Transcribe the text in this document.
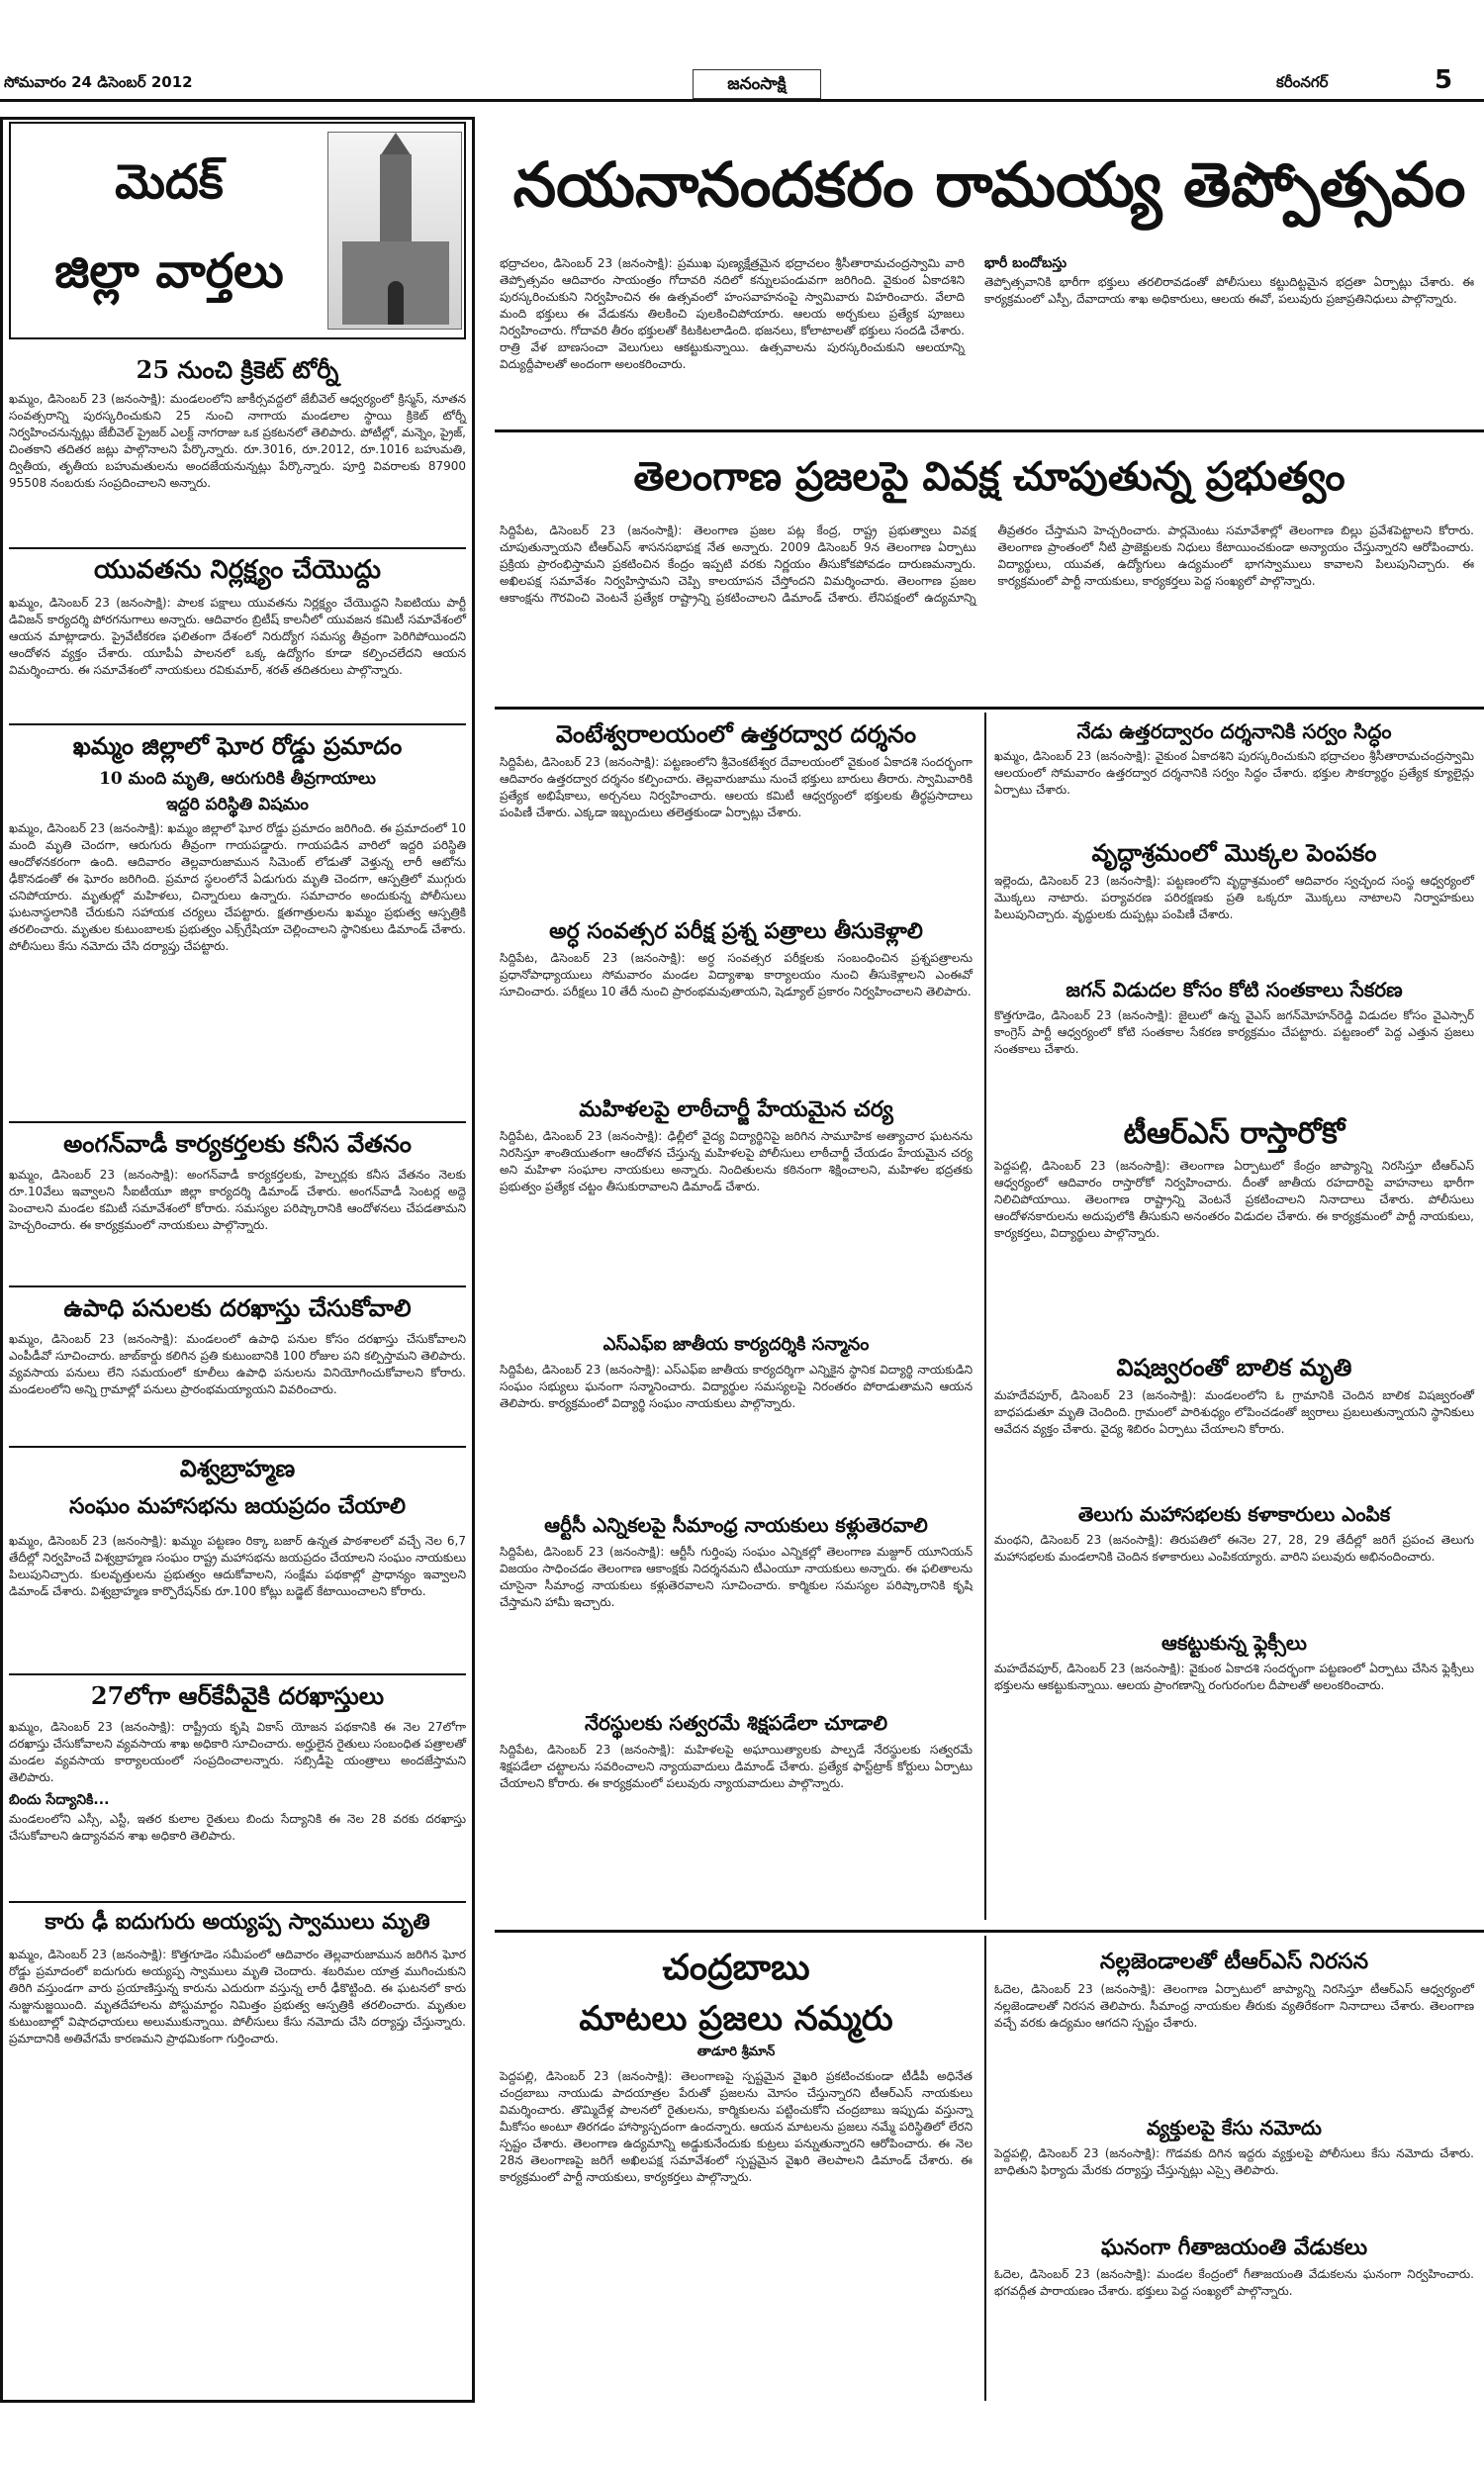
సోమవారం 24 డిసెంబర్ 2012	జనంసాక్షి	కరీంనగర్	5
మెదక్
జిల్లా వార్తలు
25 నుంచి క్రికెట్‌ టోర్నీ
ఖమ్మం, డిసెంబర్‌ 23 (జనంసాక్షి): మండలంలోని జాకీర్సవద్దలో జేబీవెల్‌ ఆధ్వర్యంలో క్రిస్మస్‌, నూతన సంవత్సరాన్ని పురస్కరించుకుని 25 నుంచి నాగాయ మండలాల స్థాయి క్రికెట్‌ టోర్నీ నిర్వహించనున్నట్లు జేబీవెల్‌ ప్రైజర్‌ ఎలక్ట్‌ నాగరాజు ఒక ప్రకటనలో తెలిపారు. పోటీల్లో, మన్నెం, ప్రైజ్‌, చింతకాని తదితర జట్లు పాల్గొనాలని పేర్కొన్నారు. రూ.3016, రూ.2012, రూ.1016 బహుమతి, ద్వితీయ, తృతీయ బహుమతులను అందజేయనున్నట్లు పేర్కొన్నారు. పూర్తి వివరాలకు 87900 95508 నంబరుకు సంప్రదించాలని అన్నారు.
యువతను నిర్లక్ష్యం చేయొద్దు
ఖమ్మం, డిసెంబర్‌ 23 (జనంసాక్షి): పాలక పక్షాలు యువతను నిర్లక్ష్యం చేయొద్దని సిఐటియు పార్టీ డివిజన్‌ కార్యదర్శి పోరగనుగాలు అన్నారు. ఆదివారం బ్రిటీష్‌ కాలనీలో యువజన కమిటీ సమావేశంలో ఆయన మాట్లాడారు. ప్రైవేటీకరణ ఫలితంగా దేశంలో నిరుద్యోగ సమస్య తీవ్రంగా పెరిగిపోయిందని ఆందోళన వ్యక్తం చేశారు. యూపీఏ పాలనలో ఒక్క ఉద్యోగం కూడా కల్పించలేదని ఆయన విమర్శించారు. ఈ సమావేశంలో నాయకులు రవికుమార్‌, శరత్‌ తదితరులు పాల్గొన్నారు.
ఖమ్మం జిల్లాలో ఘోర రోడ్డు ప్రమాదం
10 మంది మృతి, ఆరుగురికి తీవ్రగాయాలు
ఇద్దరి పరిస్థితి విషమం
ఖమ్మం, డిసెంబర్‌ 23 (జనంసాక్షి): ఖమ్మం జిల్లాలో ఘోర రోడ్డు ప్రమాదం జరిగింది. ఈ ప్రమాదంలో 10 మంది మృతి చెందగా, ఆరుగురు తీవ్రంగా గాయపడ్డారు. గాయపడిన వారిలో ఇద్దరి పరిస్థితి ఆందోళనకరంగా ఉంది. ఆదివారం తెల్లవారుజామున సిమెంట్‌ లోడుతో వెళ్తున్న లారీ ఆటోను ఢీకొనడంతో ఈ ఘోరం జరిగింది. ప్రమాద స్థలంలోనే ఏడుగురు మృతి చెందగా, ఆస్పత్రిలో ముగ్గురు చనిపోయారు. మృతుల్లో మహిళలు, చిన్నారులు ఉన్నారు. సమాచారం అందుకున్న పోలీసులు ఘటనాస్థలానికి చేరుకుని సహాయక చర్యలు చేపట్టారు. క్షతగాత్రులను ఖమ్మం ప్రభుత్వ ఆస్పత్రికి తరలించారు. మృతుల కుటుంబాలకు ప్రభుత్వం ఎక్స్‌గ్రేషియా చెల్లించాలని స్థానికులు డిమాండ్‌ చేశారు. పోలీసులు కేసు నమోదు చేసి దర్యాప్తు చేపట్టారు.
అంగన్‌వాడీ కార్యకర్తలకు కనీస వేతనం
ఖమ్మం, డిసెంబర్‌ 23 (జనంసాక్షి): అంగన్‌వాడీ కార్యకర్తలకు, హెల్పర్లకు కనీస వేతనం నెలకు రూ.10వేలు ఇవ్వాలని సీఐటీయూ జిల్లా కార్యదర్శి డిమాండ్‌ చేశారు. అంగన్‌వాడీ సెంటర్ల అద్దె పెంచాలని మండల కమిటీ సమావేశంలో కోరారు. సమస్యల పరిష్కారానికి ఆందోళనలు చేపడతామని హెచ్చరించారు. ఈ కార్యక్రమంలో నాయకులు పాల్గొన్నారు.
ఉపాధి పనులకు దరఖాస్తు చేసుకోవాలి
ఖమ్మం, డిసెంబర్‌ 23 (జనంసాక్షి): మండలంలో ఉపాధి పనుల కోసం దరఖాస్తు చేసుకోవాలని ఎంపీడీవో సూచించారు. జాబ్‌కార్డు కలిగిన ప్రతి కుటుంబానికి 100 రోజుల పని కల్పిస్తామని తెలిపారు. వ్యవసాయ పనులు లేని సమయంలో కూలీలు ఉపాధి పనులను వినియోగించుకోవాలని కోరారు. మండలంలోని అన్ని గ్రామాల్లో పనులు ప్రారంభమయ్యాయని వివరించారు.
విశ్వబ్రాహ్మణ
సంఘం మహాసభను జయప్రదం చేయాలి
ఖమ్మం, డిసెంబర్‌ 23 (జనంసాక్షి): ఖమ్మం పట్టణం రిక్కా బజార్‌ ఉన్నత పాఠశాలలో వచ్చే నెల 6,7 తేదీల్లో నిర్వహించే విశ్వబ్రాహ్మణ సంఘం రాష్ట్ర మహాసభను జయప్రదం చేయాలని సంఘం నాయకులు పిలుపునిచ్చారు. కులవృత్తులను ప్రభుత్వం ఆదుకోవాలని, సంక్షేమ పథకాల్లో ప్రాధాన్యం ఇవ్వాలని డిమాండ్‌ చేశారు. విశ్వబ్రాహ్మణ కార్పొరేషన్‌కు రూ.100 కోట్లు బడ్జెట్‌ కేటాయించాలని కోరారు.
27లోగా ఆర్‌కేవీవైకి దరఖాస్తులు
ఖమ్మం, డిసెంబర్‌ 23 (జనంసాక్షి): రాష్ట్రీయ కృషి వికాస్‌ యోజన పథకానికి ఈ నెల 27లోగా దరఖాస్తు చేసుకోవాలని వ్యవసాయ శాఖ అధికారి సూచించారు. అర్హులైన రైతులు సంబంధిత పత్రాలతో మండల వ్యవసాయ కార్యాలయంలో సంప్రదించాలన్నారు. సబ్సిడీపై యంత్రాలు అందజేస్తామని తెలిపారు.
బిందు సేద్యానికి...
మండలంలోని ఎస్సీ, ఎస్టీ, ఇతర కులాల రైతులు బిందు సేద్యానికి ఈ నెల 28 వరకు దరఖాస్తు చేసుకోవాలని ఉద్యానవన శాఖ అధికారి తెలిపారు.
కారు ఢీ ఐదుగురు అయ్యప్ప స్వాములు మృతి
ఖమ్మం, డిసెంబర్‌ 23 (జనంసాక్షి): కొత్తగూడెం సమీపంలో ఆదివారం తెల్లవారుజామున జరిగిన ఘోర రోడ్డు ప్రమాదంలో ఐదుగురు అయ్యప్ప స్వాములు మృతి చెందారు. శబరిమల యాత్ర ముగించుకుని తిరిగి వస్తుండగా వారు ప్రయాణిస్తున్న కారును ఎదురుగా వస్తున్న లారీ ఢీకొట్టింది. ఈ ఘటనలో కారు నుజ్జునుజ్జయింది. మృతదేహాలను పోస్టుమార్టం నిమిత్తం ప్రభుత్వ ఆస్పత్రికి తరలించారు. మృతుల కుటుంబాల్లో విషాదఛాయలు అలుముకున్నాయి. పోలీసులు కేసు నమోదు చేసి దర్యాప్తు చేస్తున్నారు. ప్రమాదానికి అతివేగమే కారణమని ప్రాథమికంగా గుర్తించారు.
నయనానందకరం రామయ్య తెప్పోత్సవం
భద్రాచలం, డిసెంబర్‌ 23 (జనంసాక్షి): ప్రముఖ పుణ్యక్షేత్రమైన భద్రాచలం శ్రీసీతారామచంద్రస్వామి వారి తెప్పోత్సవం ఆదివారం సాయంత్రం గోదావరి నదిలో కన్నులపండువగా జరిగింది. వైకుంఠ ఏకాదశిని పురస్కరించుకుని నిర్వహించిన ఈ ఉత్సవంలో హంసవాహనంపై స్వామివారు విహరించారు. వేలాది మంది భక్తులు ఈ వేడుకను తిలకించి పులకించిపోయారు. ఆలయ అర్చకులు ప్రత్యేక పూజలు నిర్వహించారు. గోదావరి తీరం భక్తులతో కిటకిటలాడింది. భజనలు, కోలాటాలతో భక్తులు సందడి చేశారు. రాత్రి వేళ బాణసంచా వెలుగులు ఆకట్టుకున్నాయి. ఉత్సవాలను పురస్కరించుకుని ఆలయాన్ని విద్యుద్దీపాలతో అందంగా అలంకరించారు.
భారీ బందోబస్తు
తెప్పోత్సవానికి భారీగా భక్తులు తరలిరావడంతో పోలీసులు కట్టుదిట్టమైన భద్రతా ఏర్పాట్లు చేశారు. ఈ కార్యక్రమంలో ఎస్పీ, దేవాదాయ శాఖ అధికారులు, ఆలయ ఈవో, పలువురు ప్రజాప్రతినిధులు పాల్గొన్నారు.
తెలంగాణ ప్రజలపై వివక్ష చూపుతున్న ప్రభుత్వం
సిద్దిపేట, డిసెంబర్‌ 23 (జనంసాక్షి): తెలంగాణ ప్రజల పట్ల కేంద్ర, రాష్ట్ర ప్రభుత్వాలు వివక్ష చూపుతున్నాయని టీఆర్‌ఎస్‌ శాసనసభాపక్ష నేత అన్నారు. 2009 డిసెంబర్‌ 9న తెలంగాణ ఏర్పాటు ప్రక్రియ ప్రారంభిస్తామని ప్రకటించిన కేంద్రం ఇప్పటి వరకు నిర్ణయం తీసుకోకపోవడం దారుణమన్నారు. అఖిలపక్ష సమావేశం నిర్వహిస్తామని చెప్పి కాలయాపన చేస్తోందని విమర్శించారు. తెలంగాణ ప్రజల ఆకాంక్షను గౌరవించి వెంటనే ప్రత్యేక రాష్ట్రాన్ని ప్రకటించాలని డిమాండ్‌ చేశారు. లేనిపక్షంలో ఉద్యమాన్ని తీవ్రతరం చేస్తామని హెచ్చరించారు. పార్లమెంటు సమావేశాల్లో తెలంగాణ బిల్లు ప్రవేశపెట్టాలని కోరారు. తెలంగాణ ప్రాంతంలో నీటి ప్రాజెక్టులకు నిధులు కేటాయించకుండా అన్యాయం చేస్తున్నారని ఆరోపించారు. విద్యార్థులు, యువత, ఉద్యోగులు ఉద్యమంలో భాగస్వాములు కావాలని పిలుపునిచ్చారు. ఈ కార్యక్రమంలో పార్టీ నాయకులు, కార్యకర్తలు పెద్ద సంఖ్యలో పాల్గొన్నారు.
వెంటేశ్వరాలయంలో ఉత్తరద్వార దర్శనం
సిద్దిపేట, డిసెంబర్‌ 23 (జనంసాక్షి): పట్టణంలోని శ్రీవెంకటేశ్వర దేవాలయంలో వైకుంఠ ఏకాదశి సందర్భంగా ఆదివారం ఉత్తరద్వార దర్శనం కల్పించారు. తెల్లవారుజాము నుంచే భక్తులు బారులు తీరారు. స్వామివారికి ప్రత్యేక అభిషేకాలు, అర్చనలు నిర్వహించారు. ఆలయ కమిటీ ఆధ్వర్యంలో భక్తులకు తీర్థప్రసాదాలు పంపిణీ చేశారు. ఎక్కడా ఇబ్బందులు తలెత్తకుండా ఏర్పాట్లు చేశారు.
అర్ధ సంవత్సర పరీక్ష ప్రశ్న పత్రాలు తీసుకెళ్లాలి
సిద్దిపేట, డిసెంబర్‌ 23 (జనంసాక్షి): అర్ధ సంవత్సర పరీక్షలకు సంబంధించిన ప్రశ్నపత్రాలను ప్రధానోపాధ్యాయులు సోమవారం మండల విద్యాశాఖ కార్యాలయం నుంచి తీసుకెళ్లాలని ఎంఈవో సూచించారు. పరీక్షలు 10 తేదీ నుంచి ప్రారంభమవుతాయని, షెడ్యూల్‌ ప్రకారం నిర్వహించాలని తెలిపారు.
మహిళలపై లాఠీచార్జీ హేయమైన చర్య
సిద్దిపేట, డిసెంబర్‌ 23 (జనంసాక్షి): ఢిల్లీలో వైద్య విద్యార్థినిపై జరిగిన సామూహిక అత్యాచార ఘటనను నిరసిస్తూ శాంతియుతంగా ఆందోళన చేస్తున్న మహిళలపై పోలీసులు లాఠీచార్జీ చేయడం హేయమైన చర్య అని మహిళా సంఘాల నాయకులు అన్నారు. నిందితులను కఠినంగా శిక్షించాలని, మహిళల భద్రతకు ప్రభుత్వం ప్రత్యేక చట్టం తీసుకురావాలని డిమాండ్‌ చేశారు.
ఎస్‌ఎఫ్‌ఐ జాతీయ కార్యదర్శికి సన్మానం
సిద్దిపేట, డిసెంబర్‌ 23 (జనంసాక్షి): ఎస్‌ఎఫ్‌ఐ జాతీయ కార్యదర్శిగా ఎన్నికైన స్థానిక విద్యార్థి నాయకుడిని సంఘం సభ్యులు ఘనంగా సన్మానించారు. విద్యార్థుల సమస్యలపై నిరంతరం పోరాడుతామని ఆయన తెలిపారు. కార్యక్రమంలో విద్యార్థి సంఘం నాయకులు పాల్గొన్నారు.
ఆర్టీసీ ఎన్నికలపై సీమాంధ్ర నాయకులు కళ్లుతెరవాలి
సిద్దిపేట, డిసెంబర్‌ 23 (జనంసాక్షి): ఆర్టీసీ గుర్తింపు సంఘం ఎన్నికల్లో తెలంగాణ మజ్దూర్‌ యూనియన్‌ విజయం సాధించడం తెలంగాణ ఆకాంక్షకు నిదర్శనమని టీఎంయూ నాయకులు అన్నారు. ఈ ఫలితాలను చూసైనా సీమాంధ్ర నాయకులు కళ్లుతెరవాలని సూచించారు. కార్మికుల సమస్యల పరిష్కారానికి కృషి చేస్తామని హామీ ఇచ్చారు.
నేరస్థులకు సత్వరమే శిక్షపడేలా చూడాలి
సిద్దిపేట, డిసెంబర్‌ 23 (జనంసాక్షి): మహిళలపై అఘాయిత్యాలకు పాల్పడే నేరస్థులకు సత్వరమే శిక్షపడేలా చట్టాలను సవరించాలని న్యాయవాదులు డిమాండ్‌ చేశారు. ప్రత్యేక ఫాస్ట్‌ట్రాక్‌ కోర్టులు ఏర్పాటు చేయాలని కోరారు. ఈ కార్యక్రమంలో పలువురు న్యాయవాదులు పాల్గొన్నారు.
నేడు ఉత్తరద్వారం దర్శనానికి సర్వం సిద్ధం
ఖమ్మం, డిసెంబర్‌ 23 (జనంసాక్షి): వైకుంఠ ఏకాదశిని పురస్కరించుకుని భద్రాచలం శ్రీసీతారామచంద్రస్వామి ఆలయంలో సోమవారం ఉత్తరద్వార దర్శనానికి సర్వం సిద్ధం చేశారు. భక్తుల సౌకర్యార్థం ప్రత్యేక క్యూలైన్లు ఏర్పాటు చేశారు.
వృద్ధాశ్రమంలో మొక్కల పెంపకం
ఇల్లెందు, డిసెంబర్‌ 23 (జనంసాక్షి): పట్టణంలోని వృద్ధాశ్రమంలో ఆదివారం స్వచ్ఛంద సంస్థ ఆధ్వర్యంలో మొక్కలు నాటారు. పర్యావరణ పరిరక్షణకు ప్రతి ఒక్కరూ మొక్కలు నాటాలని నిర్వాహకులు పిలుపునిచ్చారు. వృద్ధులకు దుప్పట్లు పంపిణీ చేశారు.
జగన్‌ విడుదల కోసం కోటి సంతకాలు సేకరణ
కొత్తగూడెం, డిసెంబర్‌ 23 (జనంసాక్షి): జైలులో ఉన్న వైఎస్‌ జగన్‌మోహన్‌రెడ్డి విడుదల కోసం వైఎస్సార్‌ కాంగ్రెస్‌ పార్టీ ఆధ్వర్యంలో కోటి సంతకాల సేకరణ కార్యక్రమం చేపట్టారు. పట్టణంలో పెద్ద ఎత్తున ప్రజలు సంతకాలు చేశారు.
టీఆర్‌ఎస్‌ రాస్తారోకో
పెద్దపల్లి, డిసెంబర్‌ 23 (జనంసాక్షి): తెలంగాణ ఏర్పాటులో కేంద్రం జాప్యాన్ని నిరసిస్తూ టీఆర్‌ఎస్‌ ఆధ్వర్యంలో ఆదివారం రాస్తారోకో నిర్వహించారు. దీంతో జాతీయ రహదారిపై వాహనాలు భారీగా నిలిచిపోయాయి. తెలంగాణ రాష్ట్రాన్ని వెంటనే ప్రకటించాలని నినాదాలు చేశారు. పోలీసులు ఆందోళనకారులను అదుపులోకి తీసుకుని అనంతరం విడుదల చేశారు. ఈ కార్యక్రమంలో పార్టీ నాయకులు, కార్యకర్తలు, విద్యార్థులు పాల్గొన్నారు.
విషజ్వరంతో బాలిక మృతి
మహదేవపూర్‌, డిసెంబర్‌ 23 (జనంసాక్షి): మండలంలోని ఓ గ్రామానికి చెందిన బాలిక విషజ్వరంతో బాధపడుతూ మృతి చెందింది. గ్రామంలో పారిశుధ్యం లోపించడంతో జ్వరాలు ప్రబలుతున్నాయని స్థానికులు ఆవేదన వ్యక్తం చేశారు. వైద్య శిబిరం ఏర్పాటు చేయాలని కోరారు.
తెలుగు మహాసభలకు కళాకారులు ఎంపిక
మంథని, డిసెంబర్‌ 23 (జనంసాక్షి): తిరుపతిలో ఈనెల 27, 28, 29 తేదీల్లో జరిగే ప్రపంచ తెలుగు మహాసభలకు మండలానికి చెందిన కళాకారులు ఎంపికయ్యారు. వారిని పలువురు అభినందించారు.
ఆకట్టుకున్న ఫ్లెక్సీలు
మహదేవపూర్‌, డిసెంబర్‌ 23 (జనంసాక్షి): వైకుంఠ ఏకాదశి సందర్భంగా పట్టణంలో ఏర్పాటు చేసిన ఫ్లెక్సీలు భక్తులను ఆకట్టుకున్నాయి. ఆలయ ప్రాంగణాన్ని రంగురంగుల దీపాలతో అలంకరించారు.
చంద్రబాబు
మాటలు ప్రజలు నమ్మరు
తాడూరి శ్రీమాన్‌
పెద్దపల్లి, డిసెంబర్‌ 23 (జనంసాక్షి): తెలంగాణపై స్పష్టమైన వైఖరి ప్రకటించకుండా టీడీపీ అధినేత చంద్రబాబు నాయుడు పాదయాత్రల పేరుతో ప్రజలను మోసం చేస్తున్నారని టీఆర్‌ఎస్‌ నాయకులు విమర్శించారు. తొమ్మిదేళ్ల పాలనలో రైతులను, కార్మికులను పట్టించుకోని చంద్రబాబు ఇప్పుడు వస్తున్నా మీకోసం అంటూ తిరగడం హాస్యాస్పదంగా ఉందన్నారు. ఆయన మాటలను ప్రజలు నమ్మే పరిస్థితిలో లేరని స్పష్టం చేశారు. తెలంగాణ ఉద్యమాన్ని అడ్డుకునేందుకు కుట్రలు పన్నుతున్నారని ఆరోపించారు. ఈ నెల 28న తెలంగాణపై జరిగే అఖిలపక్ష సమావేశంలో స్పష్టమైన వైఖరి తెలపాలని డిమాండ్‌ చేశారు. ఈ కార్యక్రమంలో పార్టీ నాయకులు, కార్యకర్తలు పాల్గొన్నారు.
నల్లజెండాలతో టీఆర్‌ఎస్‌ నిరసన
ఓదెల, డిసెంబర్‌ 23 (జనంసాక్షి): తెలంగాణ ఏర్పాటులో జాప్యాన్ని నిరసిస్తూ టీఆర్‌ఎస్‌ ఆధ్వర్యంలో నల్లజెండాలతో నిరసన తెలిపారు. సీమాంధ్ర నాయకుల తీరుకు వ్యతిరేకంగా నినాదాలు చేశారు. తెలంగాణ వచ్చే వరకు ఉద్యమం ఆగదని స్పష్టం చేశారు.
వ్యక్తులపై కేసు నమోదు
పెద్దపల్లి, డిసెంబర్‌ 23 (జనంసాక్షి): గొడవకు దిగిన ఇద్దరు వ్యక్తులపై పోలీసులు కేసు నమోదు చేశారు. బాధితుని ఫిర్యాదు మేరకు దర్యాప్తు చేస్తున్నట్లు ఎస్సై తెలిపారు.
ఘనంగా గీతాజయంతి వేడుకలు
ఓదెల, డిసెంబర్‌ 23 (జనంసాక్షి): మండల కేంద్రంలో గీతాజయంతి వేడుకలను ఘనంగా నిర్వహించారు. భగవద్గీత పారాయణం చేశారు. భక్తులు పెద్ద సంఖ్యలో పాల్గొన్నారు.
